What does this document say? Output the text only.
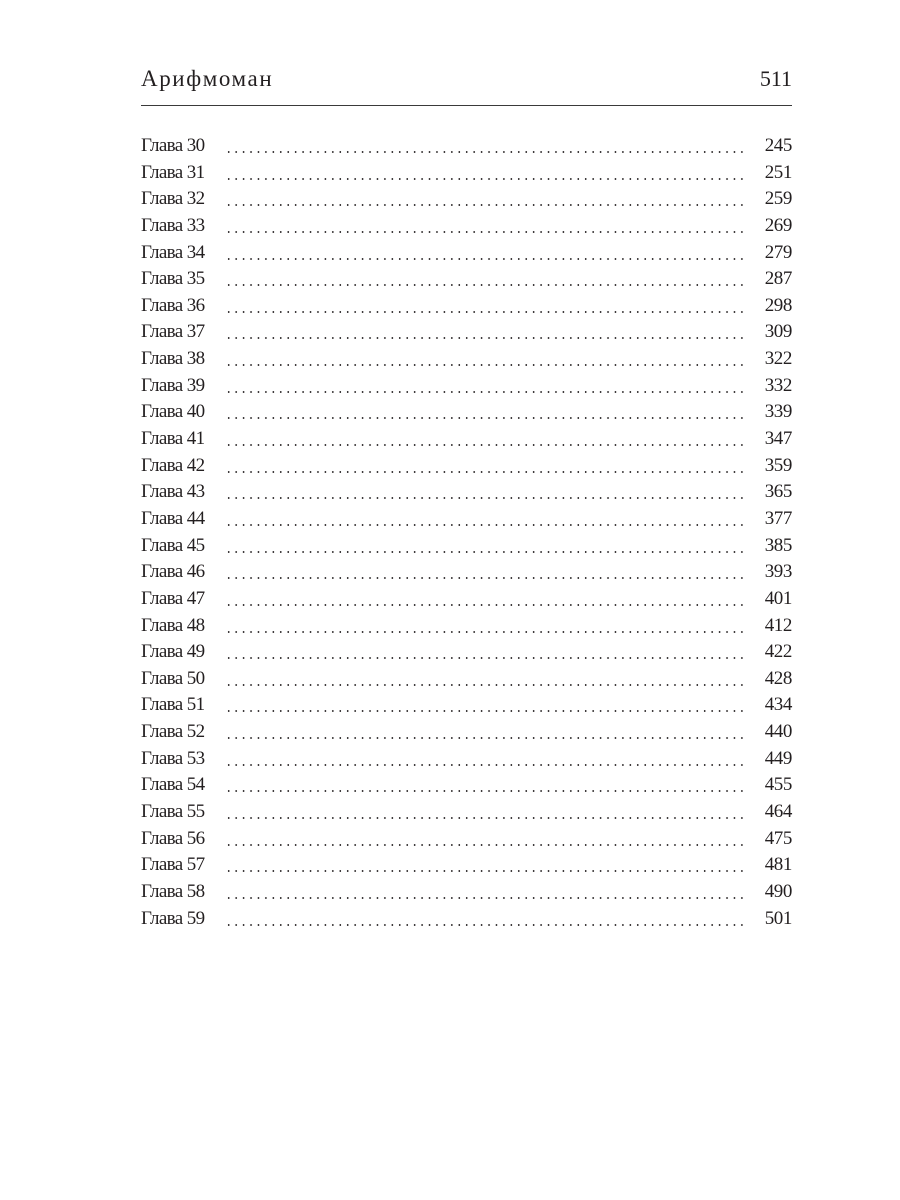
Арифмоман	511
Глава 30	245
Глава 31	251
Глава 32	259
Глава 33	269
Глава 34	279
Глава 35	287
Глава 36	298
Глава 37	309
Глава 38	322
Глава 39	332
Глава 40	339
Глава 41	347
Глава 42	359
Глава 43	365
Глава 44	377
Глава 45	385
Глава 46	393
Глава 47	401
Глава 48	412
Глава 49	422
Глава 50	428
Глава 51	434
Глава 52	440
Глава 53	449
Глава 54	455
Глава 55	464
Глава 56	475
Глава 57	481
Глава 58	490
Глава 59	501
